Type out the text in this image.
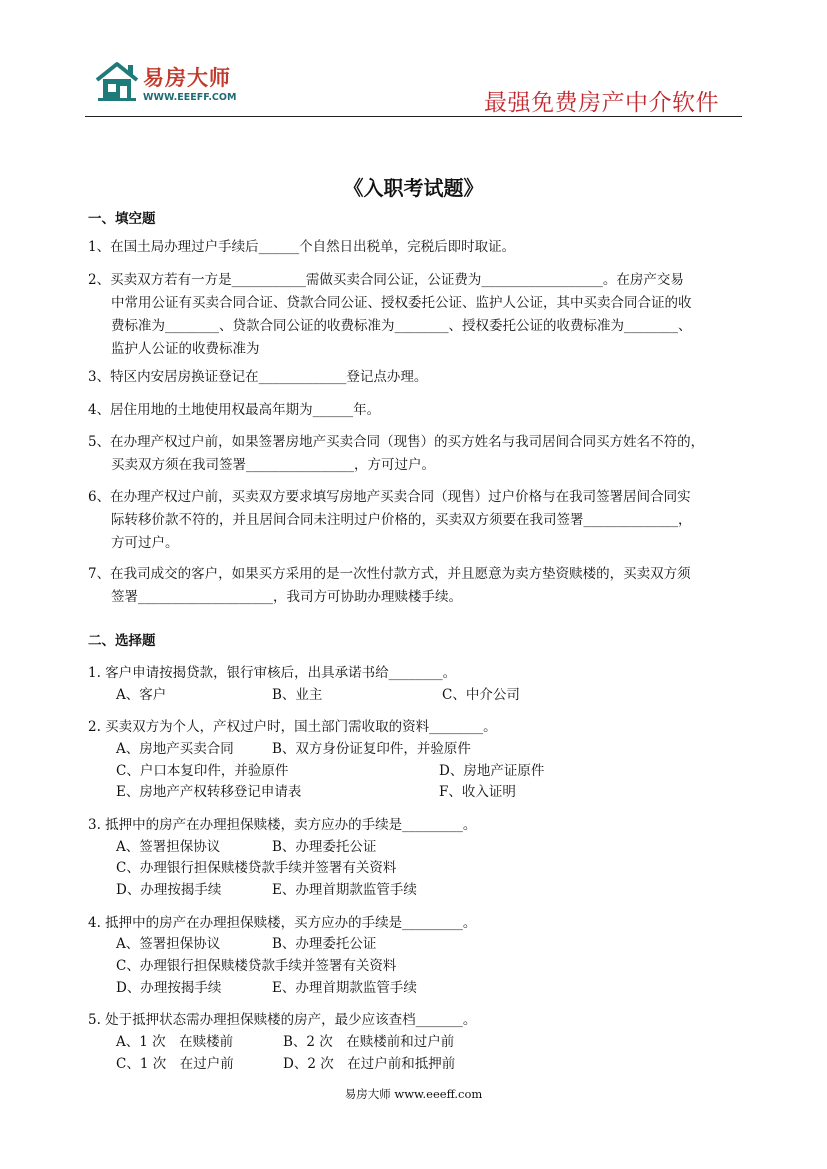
易房大师
WWW.EEEFF.COM	最强免费房产中介软件
《入职考试题》
一、填空题
1、在国土局办理过户手续后______个自然日出税单，完税后即时取证。
2、买卖双方若有一方是___________需做买卖合同公证，公证费为__________________。在房产交易
中常用公证有买卖合同合证、贷款合同公证、授权委托公证、监护人公证，其中买卖合同合证的收
费标准为________、贷款合同公证的收费标准为________、授权委托公证的收费标准为________、
监护人公证的收费标准为
3、特区内安居房换证登记在_____________登记点办理。
4、居住用地的土地使用权最高年期为______年。
5、在办理产权过户前，如果签署房地产买卖合同（现售）的买方姓名与我司居间合同买方姓名不符的，
买卖双方须在我司签署________________，方可过户。
6、在办理产权过户前，买卖双方要求填写房地产买卖合同（现售）过户价格与在我司签署居间合同实
际转移价款不符的，并且居间合同未注明过户价格的，买卖双方须要在我司签署______________，
方可过户。
7、在我司成交的客户，如果买方采用的是一次性付款方式，并且愿意为卖方垫资赎楼的，买卖双方须
签署____________________，我司方可协助办理赎楼手续。
二、选择题
1. 客户申请按揭贷款，银行审核后，出具承诺书给________。
A、客户	B、业主	C、中介公司
2. 买卖双方为个人，产权过户时，国土部门需收取的资料________。
A、房地产买卖合同	B、双方身份证复印件，并验原件
C、户口本复印件，并验原件	D、房地产证原件
E、房地产产权转移登记申请表	F、收入证明
3. 抵押中的房产在办理担保赎楼，卖方应办的手续是_________。
A、签署担保协议	B、办理委托公证
C、办理银行担保赎楼贷款手续并签署有关资料
D、办理按揭手续	E、办理首期款监管手续
4. 抵押中的房产在办理担保赎楼，买方应办的手续是_________。
A、签署担保协议	B、办理委托公证
C、办理银行担保赎楼贷款手续并签署有关资料
D、办理按揭手续	E、办理首期款监管手续
5. 处于抵押状态需办理担保赎楼的房产，最少应该查档_______。
A、1 次　在赎楼前	B、2 次　在赎楼前和过户前
C、1 次　在过户前	D、2 次　在过户前和抵押前
易房大师 www.eeeff.com
